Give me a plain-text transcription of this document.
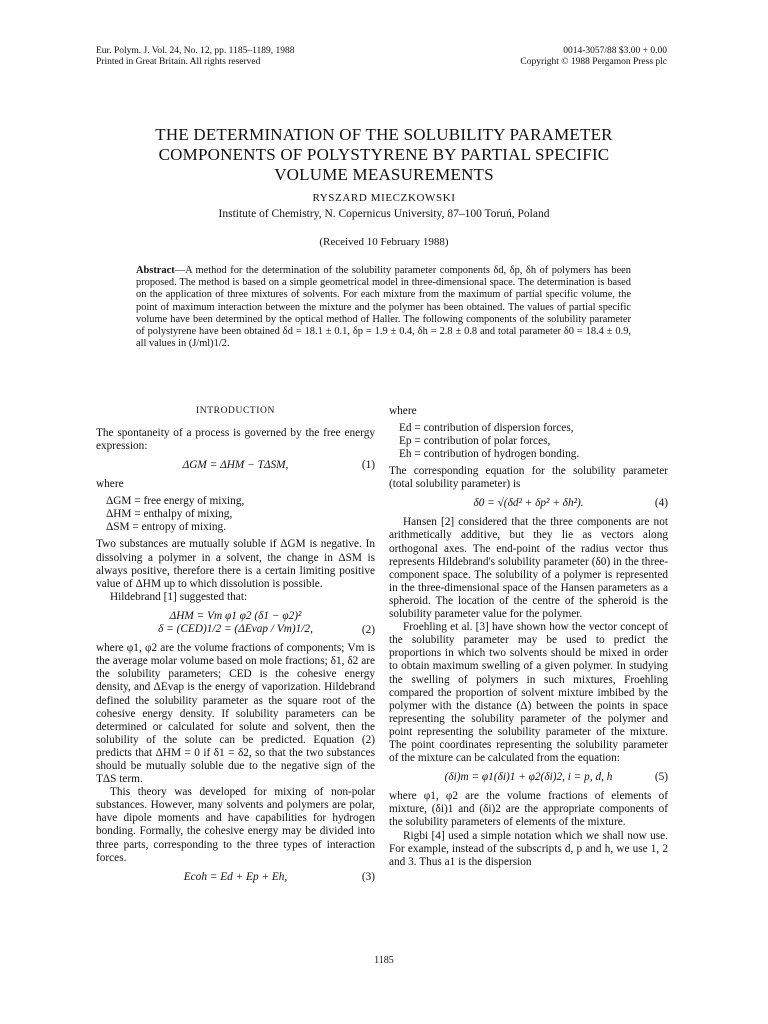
Eur. Polym. J. Vol. 24, No. 12, pp. 1185–1189, 1988
Printed in Great Britain. All rights reserved
0014-3057/88 $3.00 + 0.00
Copyright © 1988 Pergamon Press plc
THE DETERMINATION OF THE SOLUBILITY PARAMETER
COMPONENTS OF POLYSTYRENE BY PARTIAL SPECIFIC
VOLUME MEASUREMENTS
RYSZARD MIECZKOWSKI
Institute of Chemistry, N. Copernicus University, 87–100 Toruń, Poland
(Received 10 February 1988)
Abstract—A method for the determination of the solubility parameter components δd, δp, δh of polymers has been proposed. The method is based on a simple geometrical model in three-dimensional space. The determination is based on the application of three mixtures of solvents. For each mixture from the maximum of partial specific volume, the point of maximum interaction between the mixture and the polymer has been obtained. The values of partial specific volume have been determined by the optical method of Haller. The following components of the solubility parameter of polystyrene have been obtained δd = 18.1 ± 0.1, δp = 1.9 ± 0.4, δh = 2.8 ± 0.8 and total parameter δ0 = 18.4 ± 0.9, all values in (J/ml)1/2.
INTRODUCTION

The spontaneity of a process is governed by the free energy expression:

ΔGM = ΔHM − TΔSM,	(1)

where

ΔGM = free energy of mixing,
ΔHM = enthalpy of mixing,
ΔSM = entropy of mixing.

Two substances are mutually soluble if ΔGM is negative. In dissolving a polymer in a solvent, the change in ΔSM is always positive, therefore there is a certain limiting positive value of ΔHM up to which dissolution is possible.

Hildebrand [1] suggested that:

ΔHM = Vm φ1 φ2 (δ1 − φ2)²
δ = (CED)1/2 = (ΔEvap / Vm)1/2,	(2)

where φ1, φ2 are the volume fractions of components; Vm is the average molar volume based on mole fractions; δ1, δ2 are the solubility parameters; CED is the cohesive energy density, and ΔEvap is the energy of vaporization. Hildebrand defined the solubility parameter as the square root of the cohesive energy density. If solubility parameters can be determined or calculated for solute and solvent, then the solubility of the solute can be predicted. Equation (2) predicts that ΔHM = 0 if δ1 = δ2, so that the two substances should be mutually soluble due to the negative sign of the TΔS term.

This theory was developed for mixing of non-polar substances. However, many solvents and polymers are polar, have dipole moments and have capabilities for hydrogen bonding. Formally, the cohesive energy may be divided into three parts, corresponding to the three types of interaction forces.

Ecoh = Ed + Ep + Eh,	(3)

where

Ed = contribution of dispersion forces,
Ep = contribution of polar forces,
Eh = contribution of hydrogen bonding.

The corresponding equation for the solubility parameter (total solubility parameter) is

δ0 = √(δd² + δp² + δh²).	(4)

Hansen [2] considered that the three components are not arithmetically additive, but they lie as vectors along orthogonal axes. The end-point of the radius vector thus represents Hildebrand's solubility parameter (δ0) in the three-component space. The solubility of a polymer is represented in the three-dimensional space of the Hansen parameters as a spheroid. The location of the centre of the spheroid is the solubility parameter value for the polymer.

Froehling et al. [3] have shown how the vector concept of the solubility parameter may be used to predict the proportions in which two solvents should be mixed in order to obtain maximum swelling of a given polymer. In studying the swelling of polymers in such mixtures, Froehling compared the proportion of solvent mixture imbibed by the polymer with the distance (Δ) between the points in space representing the solubility parameter of the polymer and point representing the solubility parameter of the mixture. The point coordinates representing the solubility parameter of the mixture can be calculated from the equation:

(δi)m = φ1(δi)1 + φ2(δi)2, i = p, d, h	(5)

where φ1, φ2 are the volume fractions of elements of mixture, (δi)1 and (δi)2 are the appropriate components of the solubility parameters of elements of the mixture.

Rigbi [4] used a simple notation which we shall now use. For example, instead of the subscripts d, p and h, we use 1, 2 and 3. Thus a1 is the dispersion

1185
